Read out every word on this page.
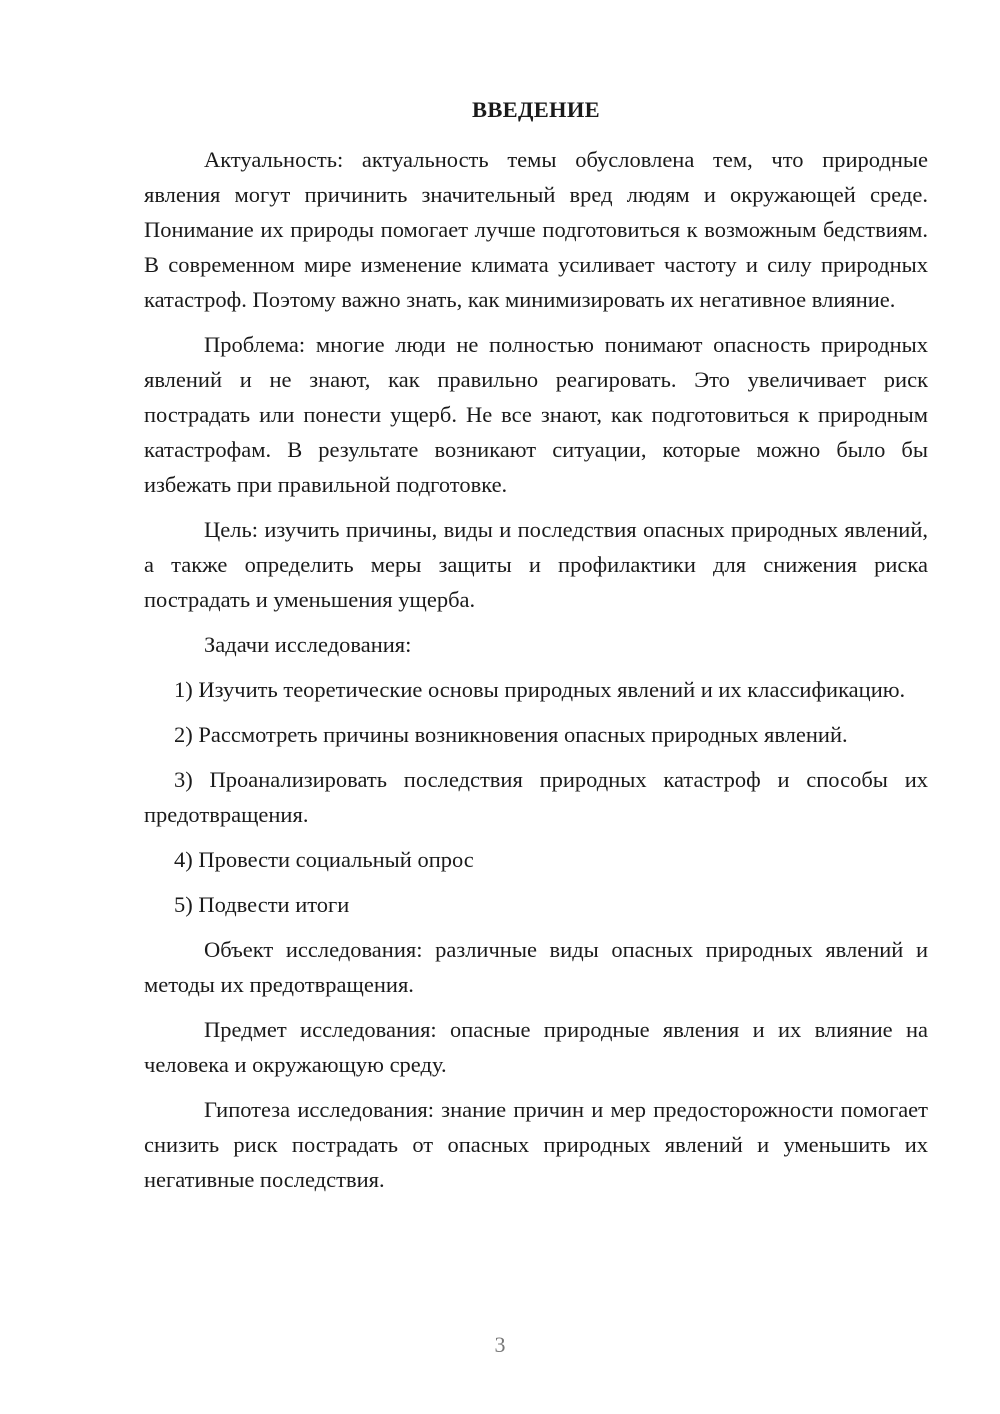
ВВЕДЕНИЕ

Актуальность: актуальность темы обусловлена тем, что природные явления могут причинить значительный вред людям и окружающей среде. Понимание их природы помогает лучше подготовиться к возможным бедствиям. В современном мире изменение климата усиливает частоту и силу природных катастроф. Поэтому важно знать, как минимизировать их негативное влияние.

Проблема: многие люди не полностью понимают опасность природных явлений и не знают, как правильно реагировать. Это увеличивает риск пострадать или понести ущерб. Не все знают, как подготовиться к природным катастрофам. В результате возникают ситуации, которые можно было бы избежать при правильной подготовке.

Цель: изучить причины, виды и последствия опасных природных явлений, а также определить меры защиты и профилактики для снижения риска пострадать и уменьшения ущерба.

Задачи исследования:

1) Изучить теоретические основы природных явлений и их классификацию.

2) Рассмотреть причины возникновения опасных природных явлений.

3) Проанализировать последствия природных катастроф и способы их предотвращения.

4) Провести социальный опрос

5) Подвести итоги

Объект исследования: различные виды опасных природных явлений и методы их предотвращения.

Предмет исследования: опасные природные явления и их влияние на человека и окружающую среду.

Гипотеза исследования: знание причин и мер предосторожности помогает снизить риск пострадать от опасных природных явлений и уменьшить их негативные последствия.

3
